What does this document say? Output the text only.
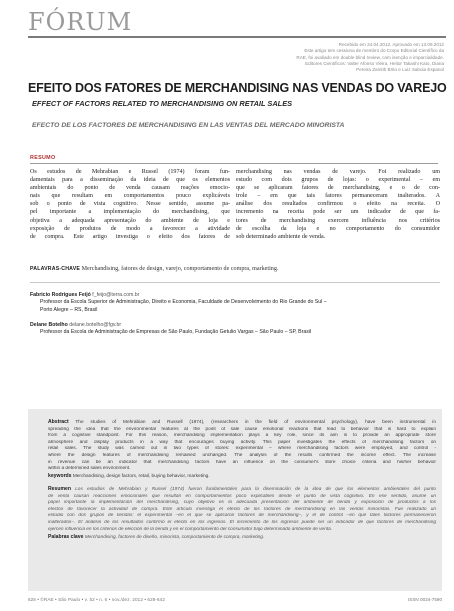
FÓRUM
Recebido em 24.04.2012. Aprovado em 13.09.2012
Este artigo tem cessiona de membro do Corpo Editorial Científico da
RAE, foi avaliado em double blind review, com isenção e imparcialidade.
Editores Científicos: Valter Afonso Vieira, Heitor Takashi Kato, Diana
Pereira Zamith Brito e Luiz Saboia Espanol
EFEITO DOS FATORES DE MERCHANDISING NAS VENDAS DO VAREJO
EFFECT OF FACTORS RELATED TO MERCHANDISING ON RETAIL SALES
EFECTO DE LOS FACTORES DE MERCHANDISING EN LAS VENTAS DEL MERCADO MINORISTA
RESUMO
Os estudos de Mehrabian e Russel (1974) foram fun-
damentais para a disseminação da ideia de que os elementos
ambientais do ponto de venda causam reações emocio-
nais que resultam em comportamentos pouco explicáveis
sob o ponto de vista cognitivo. Nesse sentido, assume pa-
pel importante a implementação do merchandising, que
objetiva a adequada apresentação do ambiente de loja e
exposição de produtos de modo a favorecer a atividade
de compra. Este artigo investiga o efeito dos fatores de
merchandising nas vendas de varejo. Foi realizado um
estudo com dois grupos de lojas: o experimental – em
que se aplicaram fatores de merchandising, e o de con-
trole – em que tais fatores permaneceram inalterados. A
análise dos resultados confirmou o efeito na receita. O
incremento na receita pode ser um indicador de que fa-
tores de merchandising exercem influência nos critérios
de escolha da loja e no comportamento do consumidor
sob determinado ambiente de venda.
PALAVRAS-CHAVE Merchandising, fatores de design, varejo, comportamento de compra, marketing.
Fabricio Rodrigues Feijó f_feijo@terra.com.br
Professor da Escola Superior de Administração, Direito e Economia, Faculdade de Desenvolvimento do Rio Grande do Sul –
Porto Alegre – RS, Brasil
Delane Botelho delane.botelho@fgv.br
Professor da Escola de Administração de Empresas de São Paulo, Fundação Getulio Vargas – São Paulo – SP, Brasil
Abstract The studies of Mehrabian and Russell (1974), (researchers in the field of environmental psychology), have been instrumental in
spreading the idea that the environmental features at the point of sale cause emotional reactions that lead to behavior that is hard to explain
from a cognitive standpoint. For this reason, merchandising implementation plays a key role, since its aim is to provide an appropriate store
atmosphere and display products in a way that encourages buying activity. This paper investigates the effects of merchandising factors on
retail sales. The study was carried out in two types of stores: experimental – where merchandising factors were employed, and control -
where the design features of merchandising remained unchanged. The analysis of the results confirmed the income effect. The increase
in revenue can be an indicator that merchandising factors have an influence on the consumer's store choice criteria and his/her behavior
within a determined sales environment.
keywords Merchandising, design factors, retail, buying behavior, marketing.
Resumen Los estudios de Mehrabian y Russel (1974) fueron fundamentales para la diseminación de la idea de que los elementos ambientales del punto
de venta causan reacciones emocionales que resultan en comportamientos poco explicables desde el punto de vista cognitivo. En ese sentido, asume un
papel importante la implementación del merchandising, cuyo objetivo es la adecuada presentación del ambiente de tienda y exposición de productos a los
efectos de favorecer la actividad de compra. Este artículo investiga el efecto de los factores de merchandising en las ventas minoristas. Fue realizado un
estudio con dos grupos de tiendas: el experimental –en el que se aplicaron factores de merchandising–, y el de control –en que tales factores permanecieron
inalterados–. El análisis de los resultados confirmó el efecto en los ingresos. El incremento de los ingresos puede ser un indicador de que factores de merchandising
ejercen influencia en los criterios de elección de la tienda y en el comportamiento del consumidor bajo determinado ambiente de venta.
Palabras clave Merchandising, factores de diseño, minorista, comportamiento de compra, marketing.
628 • ©RAE • São Paulo • v. 52 • n. 6 • nov./dez. 2012 • 628-642	ISSN 0034-7590
